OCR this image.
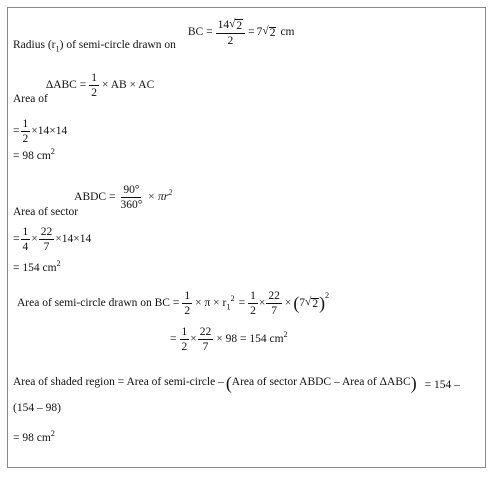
Radius $(r_1)$ of semi-circle drawn on
BC = $\frac{14 √ 2}{2} = 7$ √ 2 cm
Area of
$\Delta ABC = \frac{1}{2}$ × AB × AC
= $\frac{1}{2} \times 14\times 14$
= 98 $cm^2$
Area of sector
ABDC = $\frac{90^\circ}{360^\circ} \times \pi r^2$
= $\frac{1}{4} \times \frac{22}{7} \times 14\times 14$
= 154 $cm^2$
Area of semi-circle drawn on BC = $\frac{1}{2} \times \pi \times r_1^2 = \frac{1}{2} \times \frac{22}{7}$ × ( 7 √ 2 )$^2$
= $\frac{1}{2} \times \frac{22}{7} \times 98 = 154$ $cm^2$
Area of shaded region = Area of semi-circle – ( Area of sector ABDC – Area of ΔABC ) = 154 –
(154 – 98)
= 98 $cm^2$
